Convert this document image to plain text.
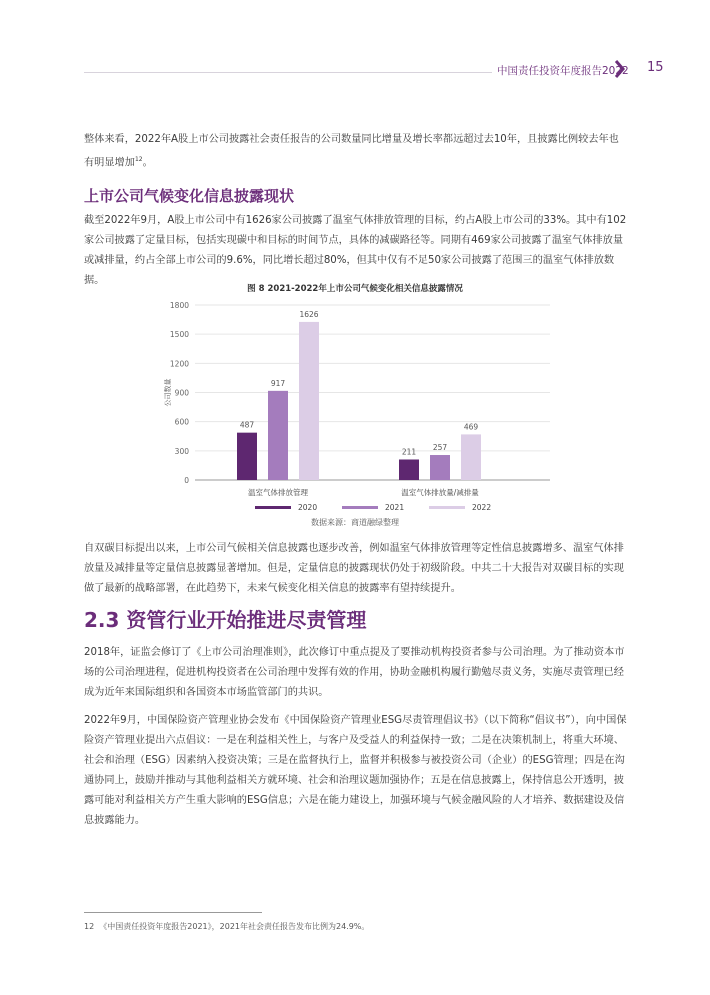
中国责任投资年度报告2022 15
整体来看，2022年A股上市公司披露社会责任报告的公司数量同比增量及增长率都远超过去10年，且披露比例较去年也有明显增加$^{12}$。
上市公司气候变化信息披露现状
截至2022年9月，A股上市公司中有1626家公司披露了温室气体排放管理的目标，约占A股上市公司的33%。其中有102家公司披露了定量目标，包括实现碳中和目标的时间节点，具体的减碳路径等。同期有469家公司披露了温室气体排放量或减排量，约占全部上市公司的9.6%，同比增长超过80%，但其中仅有不足50家公司披露了范围三的温室气体排放数据。
图 8 2021-2022年上市公司气候变化相关信息披露情况
0
300
600
900
1200
1500
1800
公司数量
487
917
1626
温室气体排放管理
211 257
469
温室气体排放量/减排量
2020	2021	2022
数据来源：商道融绿整理
自双碳目标提出以来，上市公司气候相关信息披露也逐步改善，例如温室气体排放管理等定性信息披露增多、温室气体排放量及减排量等定量信息披露显著增加。但是，定量信息的披露现状仍处于初级阶段。中共二十大报告对双碳目标的实现做了最新的战略部署，在此趋势下，未来气候变化相关信息的披露率有望持续提升。
2.3 资管行业开始推进尽责管理
2018年，证监会修订了《上市公司治理准则》，此次修订中重点提及了要推动机构投资者参与公司治理。为了推动资本市场的公司治理进程，促进机构投资者在公司治理中发挥有效的作用，协助金融机构履行勤勉尽责义务，实施尽责管理已经成为近年来国际组织和各国资本市场监管部门的共识。
2022年9月，中国保险资产管理业协会发布《中国保险资产管理业ESG尽责管理倡议书》（以下简称“倡议书”），向中国保险资产管理业提出六点倡议：一是在利益相关性上，与客户及受益人的利益保持一致；二是在决策机制上，将重大环境、社会和治理（ESG）因素纳入投资决策；三是在监督执行上，监督并积极参与被投资公司（企业）的ESG管理；四是在沟通协同上，鼓励并推动与其他利益相关方就环境、社会和治理议题加强协作；五是在信息披露上，保持信息公开透明，披露可能对利益相关方产生重大影响的ESG信息；六是在能力建设上，加强环境与气候金融风险的人才培养、数据建设及信息披露能力。
12 《中国责任投资年度报告2021》，2021年社会责任报告发布比例为24.9%。
